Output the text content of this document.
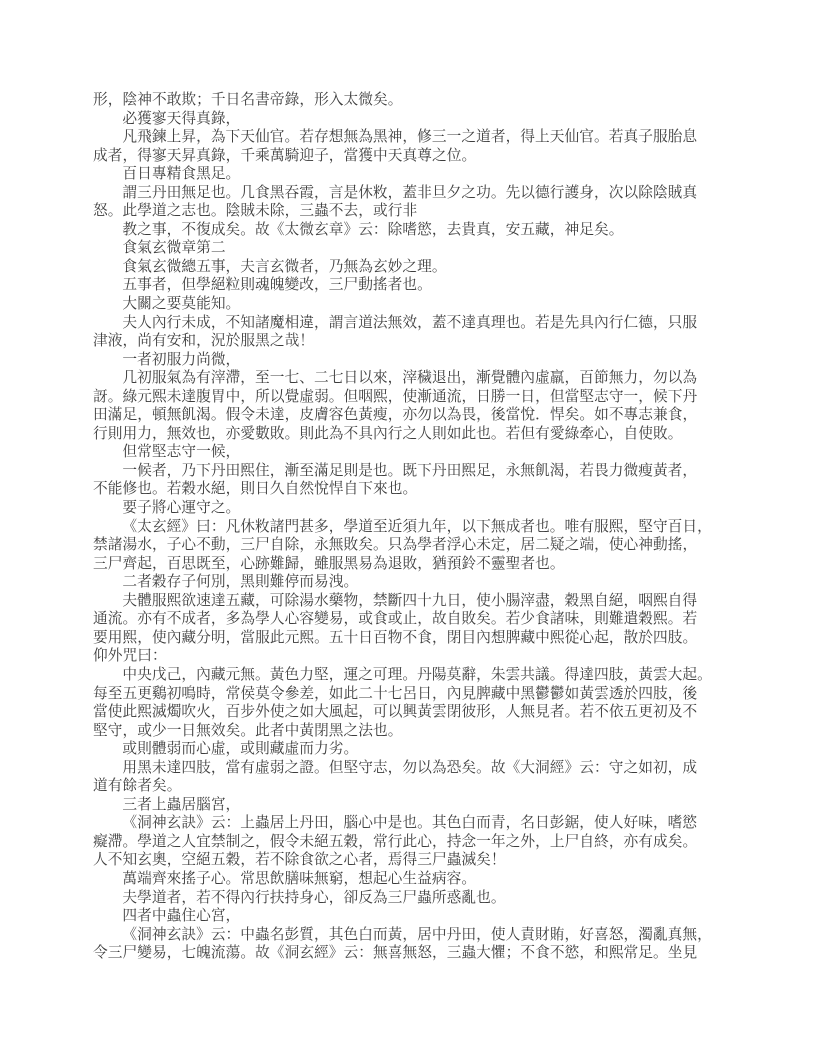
形，陰神不敢欺；千日名書帝錄，形入太微矣。
必獲寥天得真錄，
凡飛鍊上昇，為下天仙官。若存想無為黑神，修三一之道者，得上天仙官。若真子服胎息
成者，得寥天昇真錄，千乘萬騎迎子，當獲中天真尊之位。
百日專精食黑足。
謂三丹田無足也。几食黑吞霞，言是休敉，蓋非旦夕之功。先以德行護身，次以除陰賊真
怒。此學道之志也。陰賊未除，三蟲不去，或行非
教之事，不復成矣。故《太微玄章》云：除嗜慾，去貴真，安五藏，神足矣。
食氣玄微章第二
食氣玄微總五事，夫言玄微者，乃無為玄妙之理。
五事者，但學絕粒則魂魄變改，三尸動搖者也。
大關之要莫能知。
夫人內行未成，不知諸魔相違，謂言道法無效，蓋不達真理也。若是先具內行仁德，只服
津液，尚有安和，況於服黑之哉！
一者初服力尚微，
几初服氣為有滓滯，至一七、二七日以來，滓穢退出，漸覺體內虛羸，百節無力，勿以為
訝。綠元熙未達腹胃中，所以覺虛弱。但咽熙，使漸通流，日勝一日，但當堅志守一，候下丹
田滿足，頓無飢渴。假令未達，皮膚容色黃瘦，亦勿以為畏，後當悅．悍矣。如不專志兼食，
行則用力，無效也，亦愛數敗。則此為不具內行之人則如此也。若但有愛綠牽心，自使敗。
但常堅志守一候，
一候者，乃下丹田熙住，漸至滿足則是也。既下丹田熙足，永無飢渴，若畏力微瘦黃者，
不能修也。若穀水絕，則日久自然悅悍自下來也。
要子將心運守之。
《太玄經》曰：凡休敉諸門甚多，學道至近須九年，以下無成者也。唯有服熙，堅守百日，
禁諸湯水，子心不動，三尸自除，永無敗矣。只為學者浮心未定，居二疑之端，使心神動搖，
三尸齊起，百思既至，心跡難歸，雖服黑易為退敗，猶預鈴不靈聖者也。
二者穀存子何別，黑則難停而易洩。
夫體服熙欲速達五藏，可除湯水藥物，禁斷四十九日，使小腸滓盡，穀黑自絕，咽熙自得
通流。亦有不成者，多為學人心容變易，或食或止，故自敗矣。若少食諸味，則難遣穀熙。若
要用熙，使內藏分明，當服此元熙。五十日百物不食，閉目內想脾藏中熙從心起，散於四肢。
仰外咒曰：
中央戊己，內藏元無。黃色力堅，運之可理。丹陽莫辭，朱雲共議。得達四肢，黃雲大起。
每至五更鷄初鳴時，常侯莫令參差，如此二十七呂日，內見脾藏中黑鬱鬱如黃雲透於四肢，後
當使此熙滅燭吹火，百步外使之如大風起，可以興黃雲閉彼形，人無見者。若不依五更初及不
堅守，或少一日無效矣。此者中黃閉黑之法也。
或則體弱而心虛，或則藏虛而力劣。
用黑未達四肢，當有虛弱之證。但堅守志，勿以為恐矣。故《大洞經》云：守之如初，成
道有餘者矣。
三者上蟲居腦宮，
《洞神玄訣》云：上蟲居上丹田，腦心中是也。其色白而青，名日彭鋸，使人好味，嗜慾
癡滯。學道之人宜禁制之，假令未絕五穀，常行此心，持念一年之外，上尸自終，亦有成矣。
人不知玄奧，空絕五穀，若不除食欲之心者，焉得三尸蟲滅矣！
萬端齊來搖子心。常思飲膳味無窮，想起心生益病容。
夫學道者，若不得內行扶持身心，卻反為三尸蟲所惑亂也。
四者中蟲住心宮，
《洞神玄訣》云：中蟲名彭質，其色白而黃，居中丹田，使人責財賄，好喜怒，濁亂真無，
令三尸變易，七魄流蕩。故《洞玄經》云：無喜無怒，三蟲大懼；不食不慾，和熙常足。坐見
